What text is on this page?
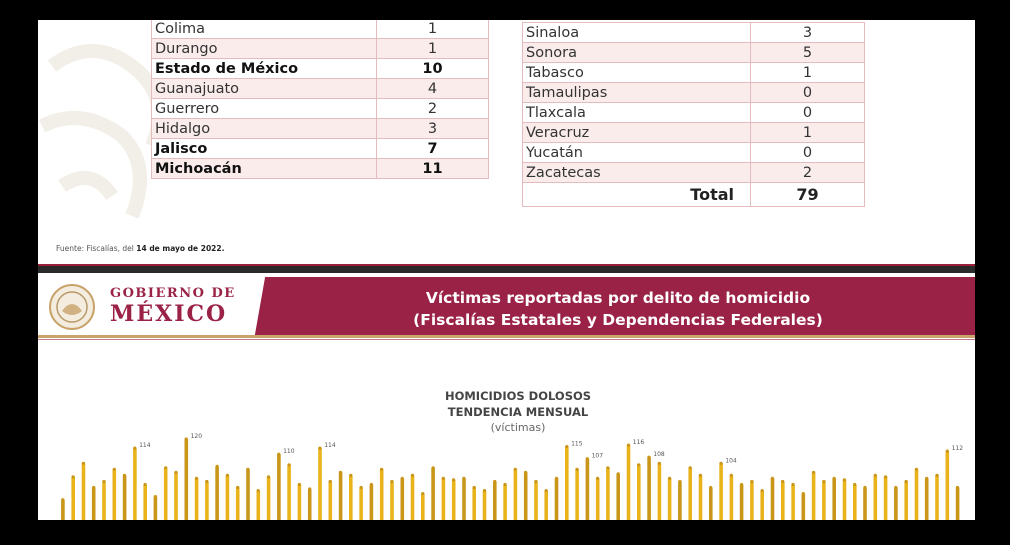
Colima	1
Durango	1
Estado de México	10
Guanajuato	4
Guerrero	2
Hidalgo	3
Jalisco	7
Michoacán	11
Sinaloa	3
Sonora	5
Tabasco	1
Tamaulipas	0
Tlaxcala	0
Veracruz	1
Yucatán	0
Zacatecas	2
Total	79
Fuente: Fiscalías, del 14 de mayo de 2022.
GOBIERNO DE
MÉXICO
Víctimas reportadas por delito de homicidio
(Fiscalías Estatales y Dependencias Federales)
HOMICIDIOS DOLOSOS
TENDENCIA MENSUAL
(víctimas)
114
120
110
114	115	116
107	108
104
112
